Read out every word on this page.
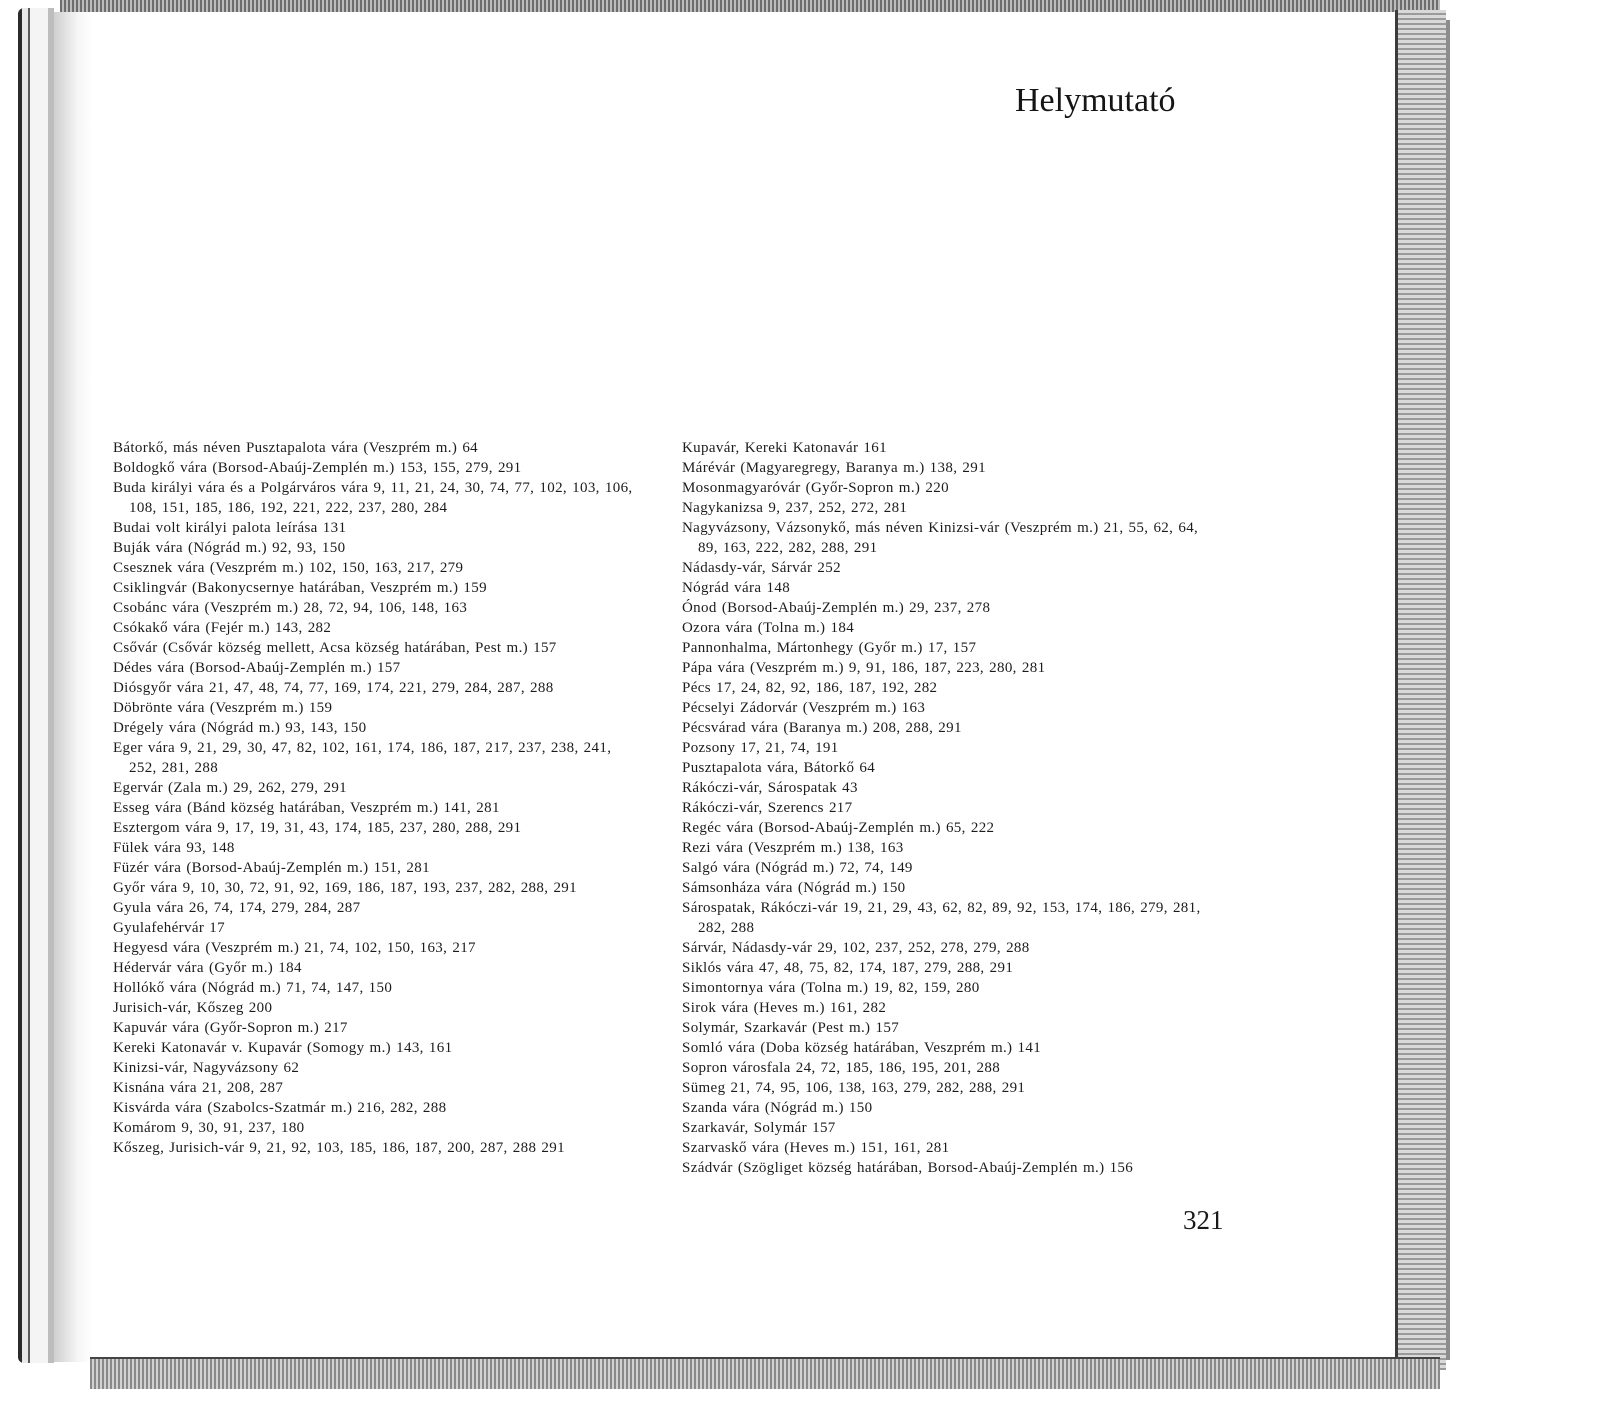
Helymutató
Bátorkő, más néven Pusztapalota vára (Veszprém m.) 64
Boldogkő vára (Borsod-Abaúj-Zemplén m.) 153, 155, 279, 291
Buda királyi vára és a Polgárváros vára 9, 11, 21, 24, 30, 74, 77, 102, 103, 106, 108, 151, 185, 186, 192, 221, 222, 237, 280, 284
Budai volt királyi palota leírása 131
Buják vára (Nógrád m.) 92, 93, 150
Csesznek vára (Veszprém m.) 102, 150, 163, 217, 279
Csiklingvár (Bakonycsernye határában, Veszprém m.) 159
Csobánc vára (Veszprém m.) 28, 72, 94, 106, 148, 163
Csókakő vára (Fejér m.) 143, 282
Csővár (Csővár község mellett, Acsa község határában, Pest m.) 157
Dédes vára (Borsod-Abaúj-Zemplén m.) 157
Diósgyőr vára 21, 47, 48, 74, 77, 169, 174, 221, 279, 284, 287, 288
Döbrönte vára (Veszprém m.) 159
Drégely vára (Nógrád m.) 93, 143, 150
Eger vára 9, 21, 29, 30, 47, 82, 102, 161, 174, 186, 187, 217, 237, 238, 241, 252, 281, 288
Egervár (Zala m.) 29, 262, 279, 291
Esseg vára (Bánd község határában, Veszprém m.) 141, 281
Esztergom vára 9, 17, 19, 31, 43, 174, 185, 237, 280, 288, 291
Fülek vára 93, 148
Füzér vára (Borsod-Abaúj-Zemplén m.) 151, 281
Győr vára 9, 10, 30, 72, 91, 92, 169, 186, 187, 193, 237, 282, 288, 291
Gyula vára 26, 74, 174, 279, 284, 287
Gyulafehérvár 17
Hegyesd vára (Veszprém m.) 21, 74, 102, 150, 163, 217
Hédervár vára (Győr m.) 184
Hollókő vára (Nógrád m.) 71, 74, 147, 150
Jurisich-vár, Kőszeg 200
Kapuvár vára (Győr-Sopron m.) 217
Kereki Katonavár v. Kupavár (Somogy m.) 143, 161
Kinizsi-vár, Nagyvázsony 62
Kisnána vára 21, 208, 287
Kisvárda vára (Szabolcs-Szatmár m.) 216, 282, 288
Komárom 9, 30, 91, 237, 180
Kőszeg, Jurisich-vár 9, 21, 92, 103, 185, 186, 187, 200, 287, 288 291
Kupavár, Kereki Katonavár 161
Márévár (Magyaregregy, Baranya m.) 138, 291
Mosonmagyaróvár (Győr-Sopron m.) 220
Nagykanizsa 9, 237, 252, 272, 281
Nagyvázsony, Vázsonykő, más néven Kinizsi-vár (Veszprém m.) 21, 55, 62, 64, 89, 163, 222, 282, 288, 291
Nádasdy-vár, Sárvár 252
Nógrád vára 148
Ónod (Borsod-Abaúj-Zemplén m.) 29, 237, 278
Ozora vára (Tolna m.) 184
Pannonhalma, Mártonhegy (Győr m.) 17, 157
Pápa vára (Veszprém m.) 9, 91, 186, 187, 223, 280, 281
Pécs 17, 24, 82, 92, 186, 187, 192, 282
Pécselyi Zádorvár (Veszprém m.) 163
Pécsvárad vára (Baranya m.) 208, 288, 291
Pozsony 17, 21, 74, 191
Pusztapalota vára, Bátorkő 64
Rákóczi-vár, Sárospatak 43
Rákóczi-vár, Szerencs 217
Regéc vára (Borsod-Abaúj-Zemplén m.) 65, 222
Rezi vára (Veszprém m.) 138, 163
Salgó vára (Nógrád m.) 72, 74, 149
Sámsonháza vára (Nógrád m.) 150
Sárospatak, Rákóczi-vár 19, 21, 29, 43, 62, 82, 89, 92, 153, 174, 186, 279, 281, 282, 288
Sárvár, Nádasdy-vár 29, 102, 237, 252, 278, 279, 288
Siklós vára 47, 48, 75, 82, 174, 187, 279, 288, 291
Simontornya vára (Tolna m.) 19, 82, 159, 280
Sirok vára (Heves m.) 161, 282
Solymár, Szarkavár (Pest m.) 157
Somló vára (Doba község határában, Veszprém m.) 141
Sopron városfala 24, 72, 185, 186, 195, 201, 288
Sümeg 21, 74, 95, 106, 138, 163, 279, 282, 288, 291
Szanda vára (Nógrád m.) 150
Szarkavár, Solymár 157
Szarvaskő vára (Heves m.) 151, 161, 281
Szádvár (Szögliget község határában, Borsod-Abaúj-Zemplén m.) 156
321
